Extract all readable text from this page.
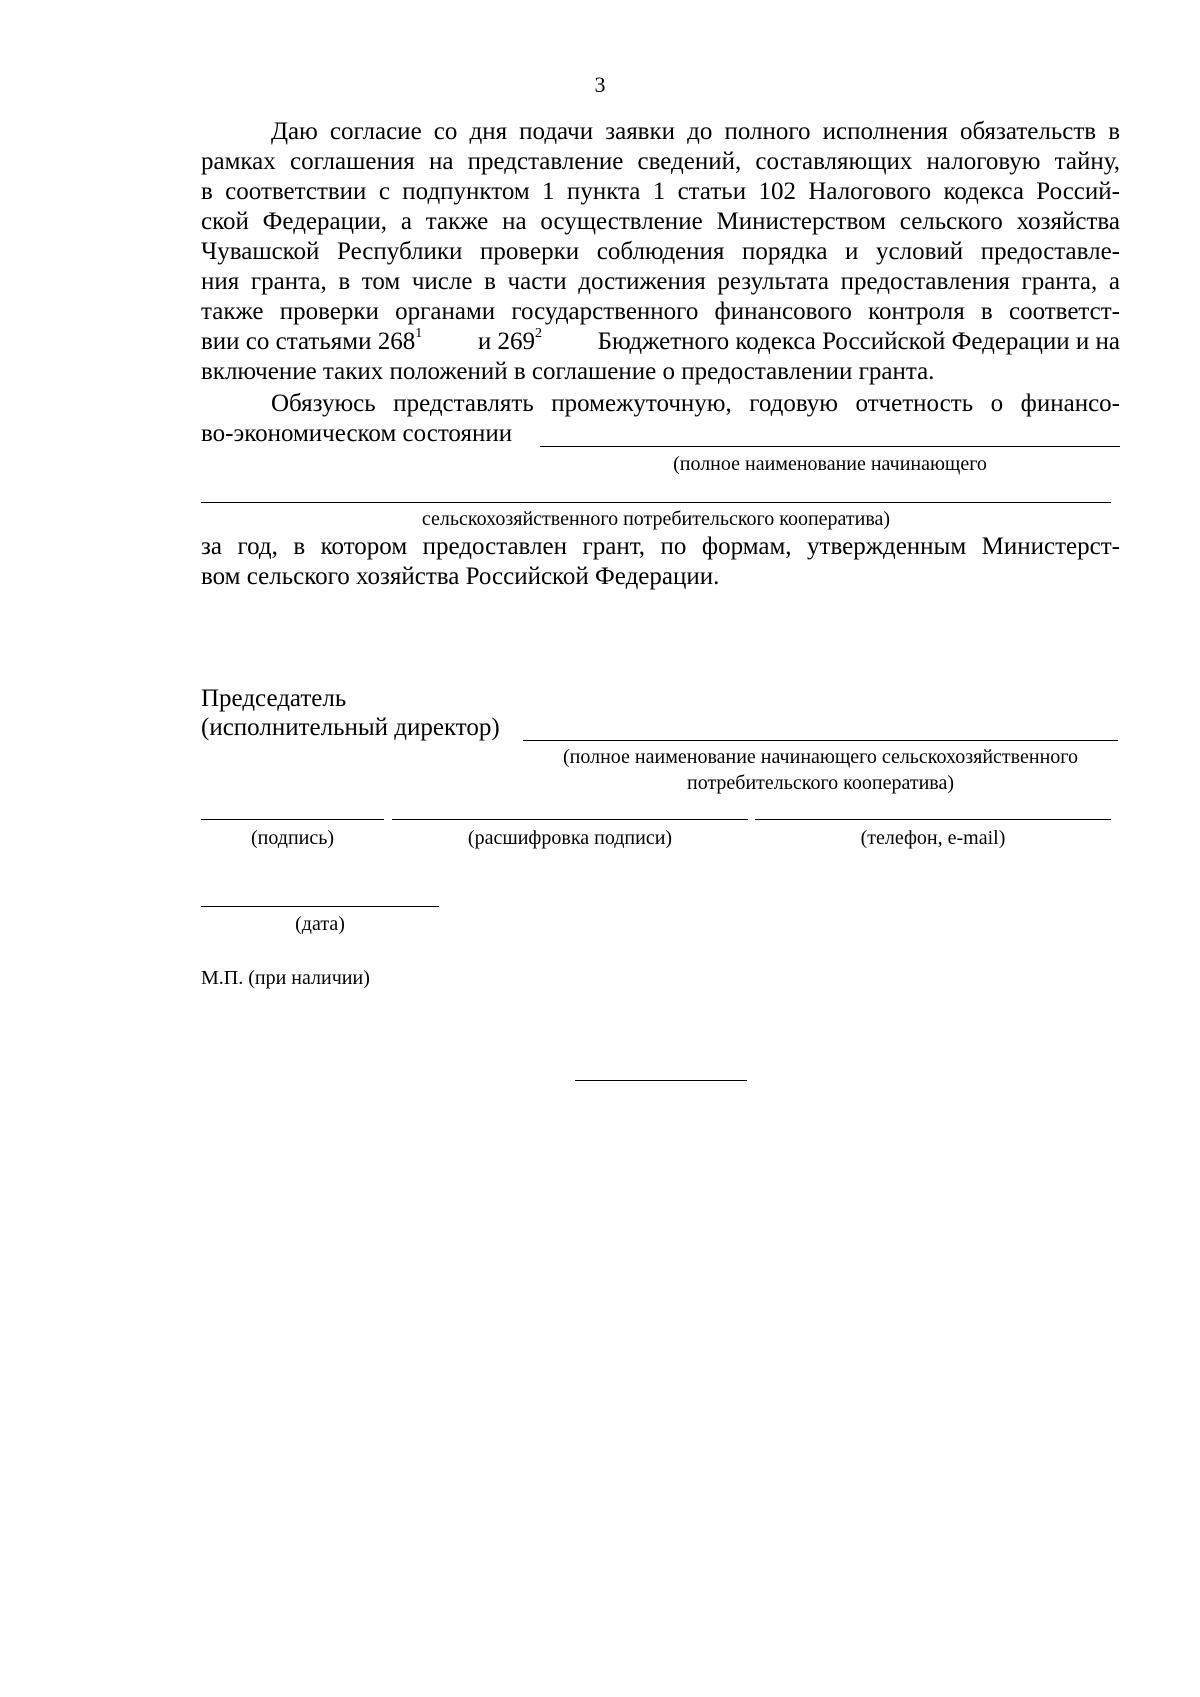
3
Даю согласие со дня подачи заявки до полного исполнения обязательств в
рамках соглашения на представление сведений, составляющих налоговую тайну,
в соответствии с подпунктом 1 пункта 1 статьи 102 Налогового кодекса Россий-
ской Федерации, а также на осуществление Министерством сельского хозяйства
Чувашской Республики проверки соблюдения порядка и условий предоставле-
ния гранта, в том числе в части достижения результата предоставления гранта, а
также проверки органами государственного финансового контроля в соответст-
вии со статьями $268^1$ и $269^2$ Бюджетного кодекса Российской Федерации и на
включение таких положений в соглашение о предоставлении гранта.
Обязуюсь представлять промежуточную, годовую отчетность о финансо-
во-экономическом состоянии
(полное наименование начинающего
сельскохозяйственного потребительского кооператива)
за год, в котором предоставлен грант, по формам, утвержденным Министерст-
вом сельского хозяйства Российской Федерации.
Председатель
(исполнительный директор)
(полное наименование начинающего сельскохозяйственного
потребительского кооператива)
(подпись)	(расшифровка подписи)	(телефон, e-mail)
(дата)
М.П. (при наличии)
